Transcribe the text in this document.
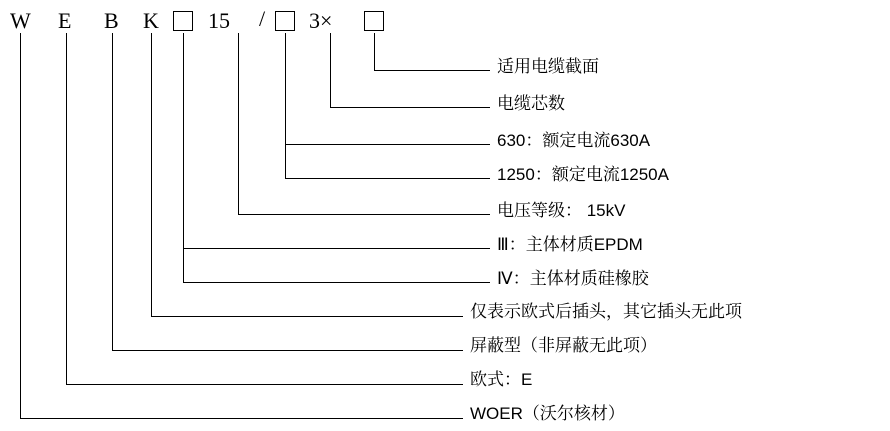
W E B K 15 / 3×
适用电缆截面
电缆芯数
630：额定电流630A
1250：额定电流1250A
电压等级： 15kV
Ⅲ：主体材质EPDM
Ⅳ：主体材质硅橡胶
仅表示欧式后插头，其它插头无此项
屏蔽型（非屏蔽无此项）
欧式：E
WOER（沃尔核材）
